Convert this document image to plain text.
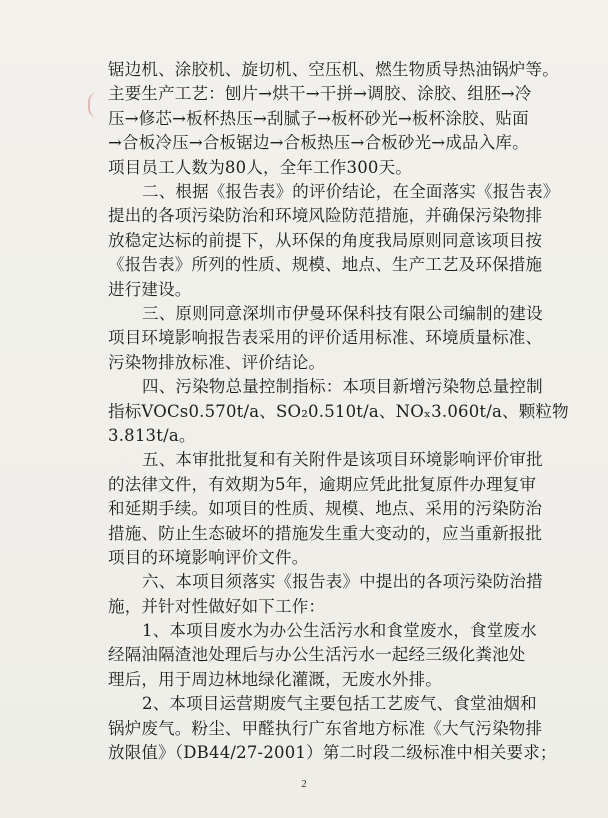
锯边机、涂胶机、旋切机、空压机、燃生物质导热油锅炉等。
主要生产工艺：刨片→烘干→干拼→调胶、涂胶、组胚→冷
压→修芯→板杯热压→刮腻子→板杯砂光→板杯涂胶、贴面
→合板冷压→合板锯边→合板热压→合板砂光→成品入库。
项目员工人数为80人，全年工作300天。
二、根据《报告表》的评价结论，在全面落实《报告表》
提出的各项污染防治和环境风险防范措施，并确保污染物排
放稳定达标的前提下，从环保的角度我局原则同意该项目按
《报告表》所列的性质、规模、地点、生产工艺及环保措施
进行建设。
三、原则同意深圳市伊曼环保科技有限公司编制的建设
项目环境影响报告表采用的评价适用标准、环境质量标准、
污染物排放标准、评价结论。
四、污染物总量控制指标：本项目新增污染物总量控制
指标VOCs0.570t/a、SO₂0.510t/a、NOₓ3.060t/a、颗粒物
3.813t/a。
五、本审批批复和有关附件是该项目环境影响评价审批
的法律文件，有效期为5年，逾期应凭此批复原件办理复审
和延期手续。如项目的性质、规模、地点、采用的污染防治
措施、防止生态破坏的措施发生重大变动的，应当重新报批
项目的环境影响评价文件。
六、本项目须落实《报告表》中提出的各项污染防治措
施，并针对性做好如下工作：
1、本项目废水为办公生活污水和食堂废水，食堂废水
经隔油隔渣池处理后与办公生活污水一起经三级化粪池处
理后，用于周边林地绿化灌溉，无废水外排。
2、本项目运营期废气主要包括工艺废气、食堂油烟和
锅炉废气。粉尘、甲醛执行广东省地方标准《大气污染物排
放限值》（DB44/27-2001）第二时段二级标准中相关要求；
2
